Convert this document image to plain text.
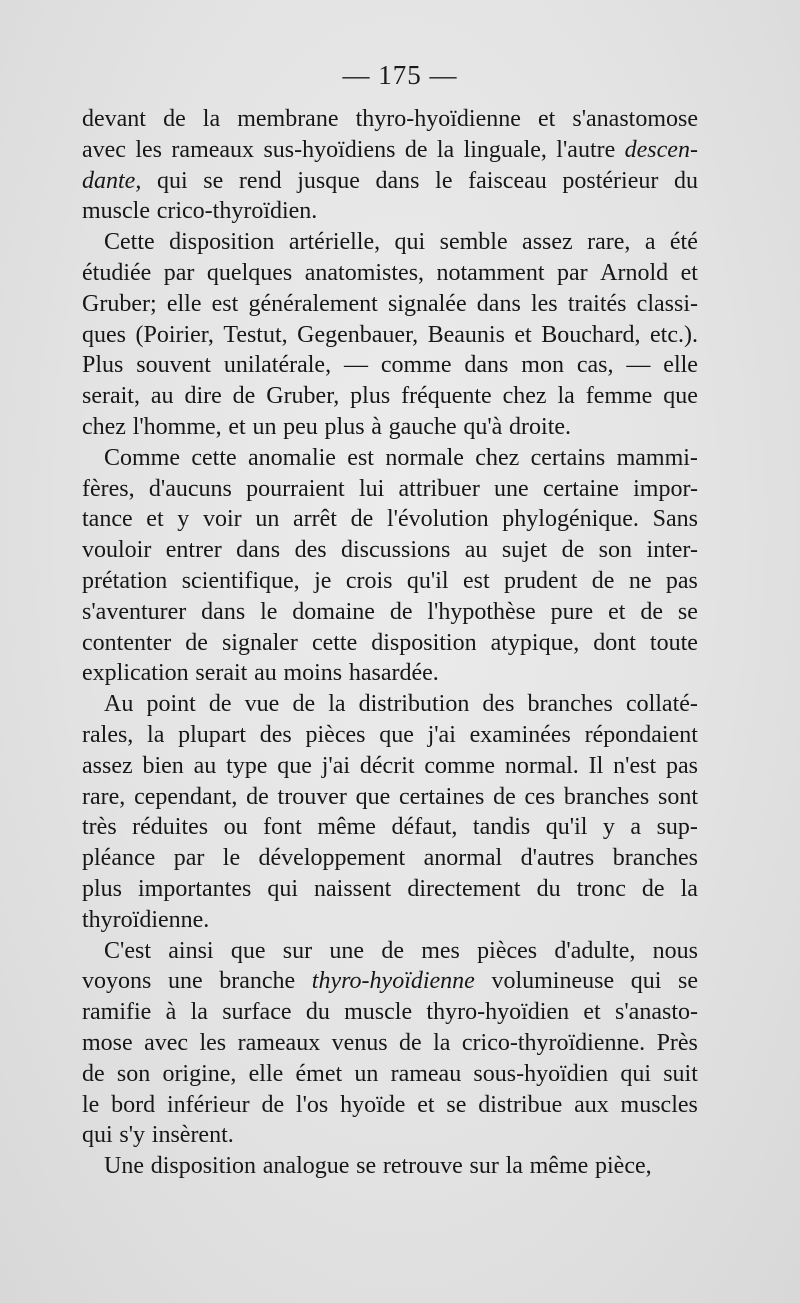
— 175 —
devant de la membrane thyro-hyoïdienne et s'anastomose
avec les rameaux sus-hyoïdiens de la linguale, l'autre descen-
dante, qui se rend jusque dans le faisceau postérieur du
muscle crico-thyroïdien.
Cette disposition artérielle, qui semble assez rare, a été
étudiée par quelques anatomistes, notamment par Arnold et
Gruber; elle est généralement signalée dans les traités classi-
ques (Poirier, Testut, Gegenbauer, Beaunis et Bouchard, etc.).
Plus souvent unilatérale, — comme dans mon cas, — elle
serait, au dire de Gruber, plus fréquente chez la femme que
chez l'homme, et un peu plus à gauche qu'à droite.
Comme cette anomalie est normale chez certains mammi-
fères, d'aucuns pourraient lui attribuer une certaine impor-
tance et y voir un arrêt de l'évolution phylogénique. Sans
vouloir entrer dans des discussions au sujet de son inter-
prétation scientifique, je crois qu'il est prudent de ne pas
s'aventurer dans le domaine de l'hypothèse pure et de se
contenter de signaler cette disposition atypique, dont toute
explication serait au moins hasardée.
Au point de vue de la distribution des branches collaté-
rales, la plupart des pièces que j'ai examinées répondaient
assez bien au type que j'ai décrit comme normal. Il n'est pas
rare, cependant, de trouver que certaines de ces branches sont
très réduites ou font même défaut, tandis qu'il y a sup-
pléance par le développement anormal d'autres branches
plus importantes qui naissent directement du tronc de la
thyroïdienne.
C'est ainsi que sur une de mes pièces d'adulte, nous
voyons une branche thyro-hyoïdienne volumineuse qui se
ramifie à la surface du muscle thyro-hyoïdien et s'anasto-
mose avec les rameaux venus de la crico-thyroïdienne. Près
de son origine, elle émet un rameau sous-hyoïdien qui suit
le bord inférieur de l'os hyoïde et se distribue aux muscles
qui s'y insèrent.
Une disposition analogue se retrouve sur la même pièce,
